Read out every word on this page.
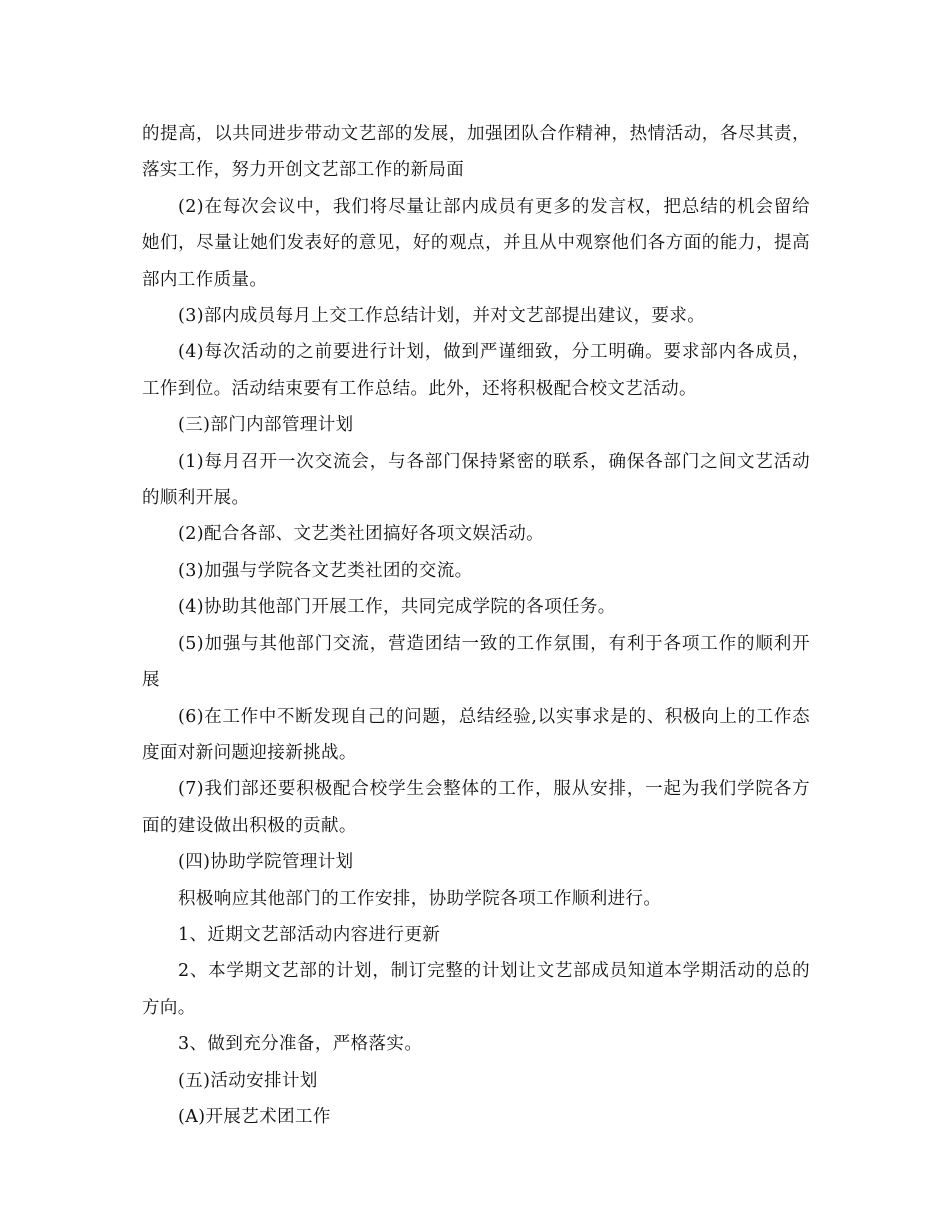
的提高，以共同进步带动文艺部的发展，加强团队合作精神，热情活动，各尽其责，落实工作，努力开创文艺部工作的新局面

(2)在每次会议中，我们将尽量让部内成员有更多的发言权，把总结的机会留给她们，尽量让她们发表好的意见，好的观点，并且从中观察他们各方面的能力，提高部内工作质量。

(3)部内成员每月上交工作总结计划，并对文艺部提出建议，要求。

(4)每次活动的之前要进行计划，做到严谨细致，分工明确。要求部内各成员，工作到位。活动结束要有工作总结。此外，还将积极配合校文艺活动。

(三)部门内部管理计划

(1)每月召开一次交流会，与各部门保持紧密的联系，确保各部门之间文艺活动的顺利开展。

(2)配合各部、文艺类社团搞好各项文娱活动。

(3)加强与学院各文艺类社团的交流。

(4)协助其他部门开展工作，共同完成学院的各项任务。

(5)加强与其他部门交流，营造团结一致的工作氛围，有利于各项工作的顺利开展

(6)在工作中不断发现自己的问题，总结经验,以实事求是的、积极向上的工作态度面对新问题迎接新挑战。

(7)我们部还要积极配合校学生会整体的工作，服从安排，一起为我们学院各方面的建设做出积极的贡献。

(四)协助学院管理计划

积极响应其他部门的工作安排，协助学院各项工作顺利进行。

1、近期文艺部活动内容进行更新

2、本学期文艺部的计划，制订完整的计划让文艺部成员知道本学期活动的总的方向。

3、做到充分准备，严格落实。

(五)活动安排计划

(A)开展艺术团工作
